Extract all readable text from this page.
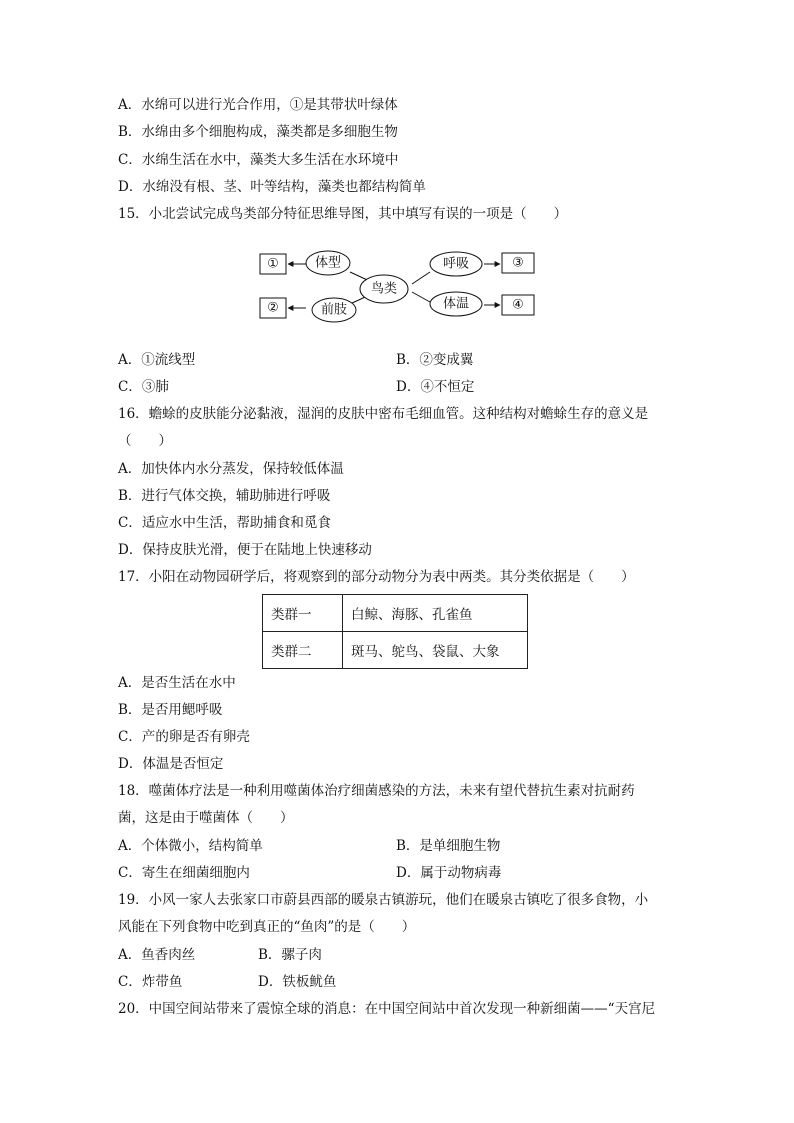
A．水绵可以进行光合作用，①是其带状叶绿体
B．水绵由多个细胞构成，藻类都是多细胞生物
C．水绵生活在水中，藻类大多生活在水环境中
D．水绵没有根、茎、叶等结构，藻类也都结构简单
15．小北尝试完成鸟类部分特征思维导图，其中填写有误的一项是（　　）
鸟类
体型
前肢
呼吸
体温
①
②
③
④
A．①流线型	B．②变成翼
C．③肺	D．④不恒定
16．蟾蜍的皮肤能分泌黏液，湿润的皮肤中密布毛细血管。这种结构对蟾蜍生存的意义是
（　　）
A．加快体内水分蒸发，保持较低体温
B．进行气体交换，辅助肺进行呼吸
C．适应水中生活，帮助捕食和觅食
D．保持皮肤光滑，便于在陆地上快速移动
17．小阳在动物园研学后，将观察到的部分动物分为表中两类。其分类依据是（　　）
类群一	白鲸、海豚、孔雀鱼
类群二	斑马、鸵鸟、袋鼠、大象
A．是否生活在水中
B．是否用鳃呼吸
C．产的卵是否有卵壳
D．体温是否恒定
18．噬菌体疗法是一种利用噬菌体治疗细菌感染的方法，未来有望代替抗生素对抗耐药
菌，这是由于噬菌体（　　）
A．个体微小，结构简单	B．是单细胞生物
C．寄生在细菌细胞内	D．属于动物病毒
19．小风一家人去张家口市蔚县西部的暖泉古镇游玩，他们在暖泉古镇吃了很多食物，小
风能在下列食物中吃到真正的“鱼肉”的是（　　）
A．鱼香肉丝	B．骡子肉
C．炸带鱼	D．铁板鱿鱼
20．中国空间站带来了震惊全球的消息：在中国空间站中首次发现一种新细菌——“天宫尼
